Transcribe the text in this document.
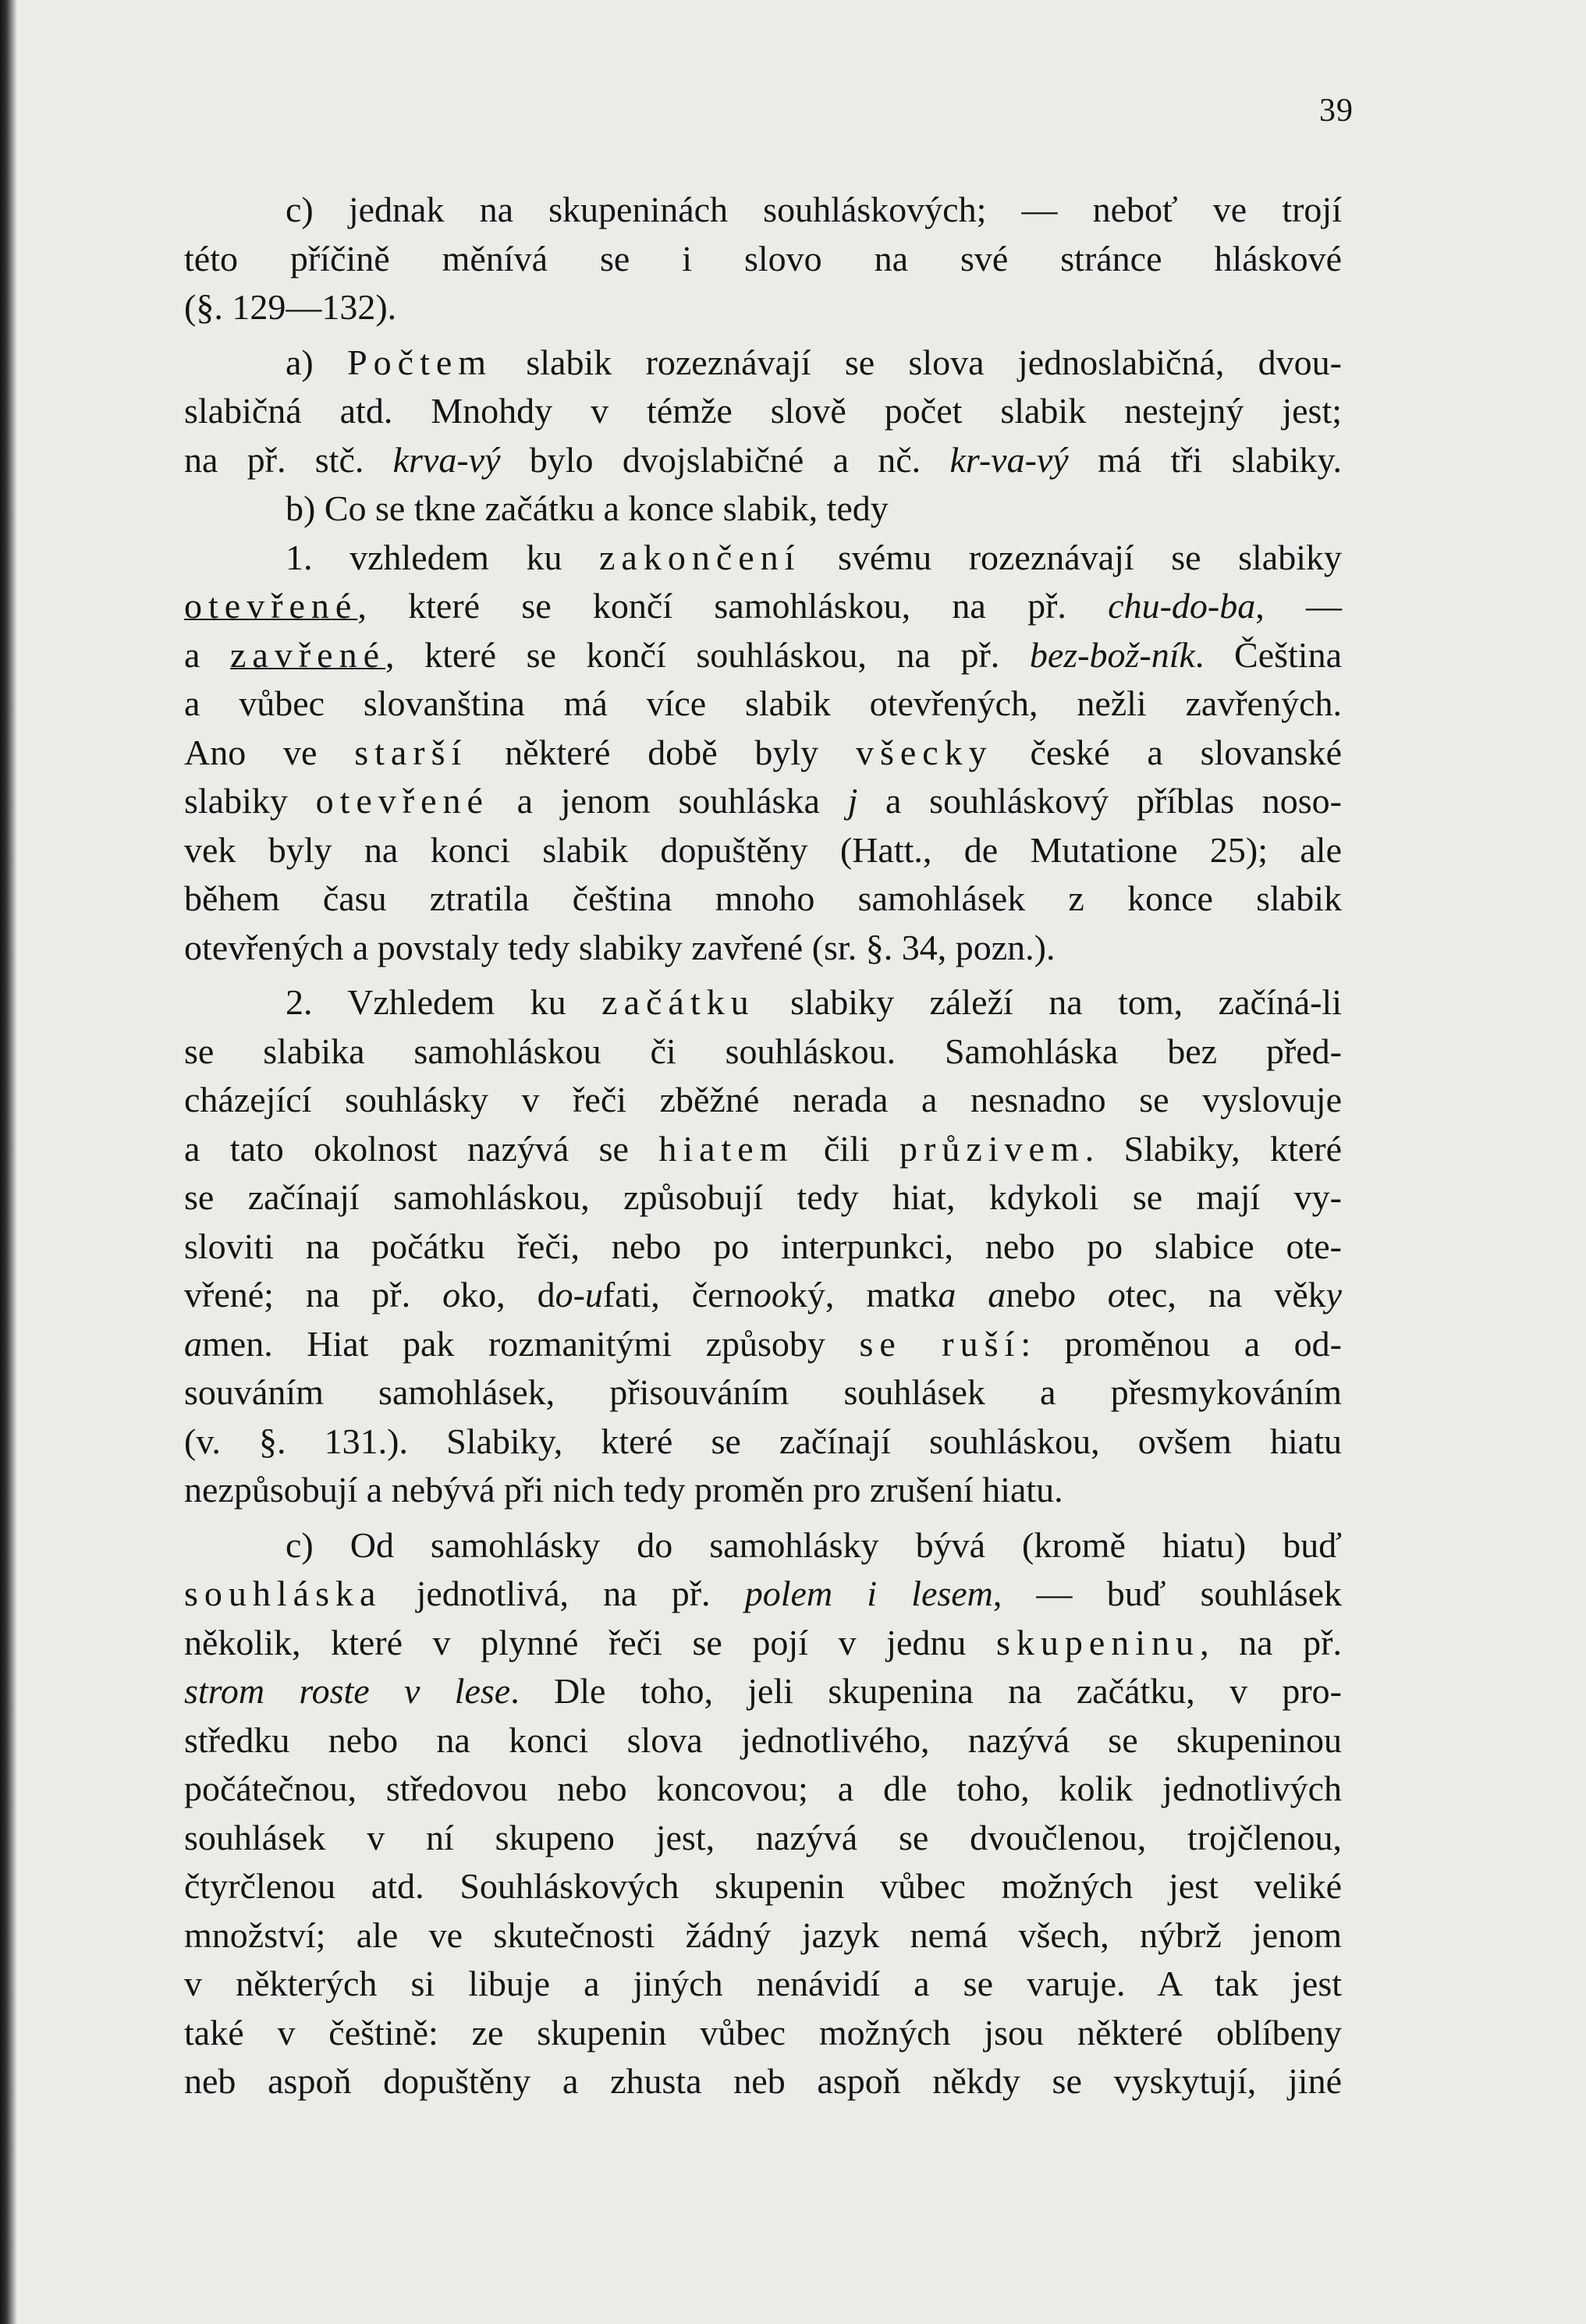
39
c) jednak na skupeninách souhláskových; — neboť ve trojí
této příčině měnívá se i slovo na své stránce hláskové
(§. 129—132).
a) Počtem slabik rozeznávají se slova jednoslabičná, dvou-
slabičná atd. Mnohdy v témže slově počet slabik nestejný jest;
na př. stč. krva-vý bylo dvojslabičné a nč. kr-va-vý má tři slabiky.
b) Co se tkne začátku a konce slabik, tedy
1. vzhledem ku zakončení svému rozeznávají se slabiky
otevřené, které se končí samohláskou, na př. chu-do-ba, —
a zavřené, které se končí souhláskou, na př. bez-bož-ník. Čeština
a vůbec slovanština má více slabik otevřených, nežli zavřených.
Ano ve starší některé době byly všecky české a slovanské
slabiky otevřené a jenom souhláska j a souhláskový příblas noso-
vek byly na konci slabik dopuštěny (Hatt., de Mutatione 25); ale
během času ztratila čeština mnoho samohlásek z konce slabik
otevřených a povstaly tedy slabiky zavřené (sr. §. 34, pozn.).
2. Vzhledem ku začátku slabiky záleží na tom, začíná-li
se slabika samohláskou či souhláskou. Samohláska bez před-
cházející souhlásky v řeči zběžné nerada a nesnadno se vyslovuje
a tato okolnost nazývá se hiatem čili průzivem. Slabiky, které
se začínají samohláskou, způsobují tedy hiat, kdykoli se mají vy-
sloviti na počátku řeči, nebo po interpunkci, nebo po slabice ote-
vřené; na př. oko, do-ufati, černooký, matka anebo otec, na věky
amen. Hiat pak rozmanitými způsoby se ruší: proměnou a od-
souváním samohlásek, přisouváním souhlásek a přesmykováním
(v. §. 131.). Slabiky, které se začínají souhláskou, ovšem hiatu
nezpůsobují a nebývá při nich tedy proměn pro zrušení hiatu.
c) Od samohlásky do samohlásky bývá (kromě hiatu) buď
souhláska jednotlivá, na př. polem i lesem, — buď souhlásek
několik, které v plynné řeči se pojí v jednu skupeninu, na př.
strom roste v lese. Dle toho, jeli skupenina na začátku, v pro-
středku nebo na konci slova jednotlivého, nazývá se skupeninou
počátečnou, středovou nebo koncovou; a dle toho, kolik jednotlivých
souhlásek v ní skupeno jest, nazývá se dvoučlenou, trojčlenou,
čtyrčlenou atd. Souhláskových skupenin vůbec možných jest veliké
množství; ale ve skutečnosti žádný jazyk nemá všech, nýbrž jenom
v některých si libuje a jiných nenávidí a se varuje. A tak jest
také v češtině: ze skupenin vůbec možných jsou některé oblíbeny
neb aspoň dopuštěny a zhusta neb aspoň někdy se vyskytují, jiné
